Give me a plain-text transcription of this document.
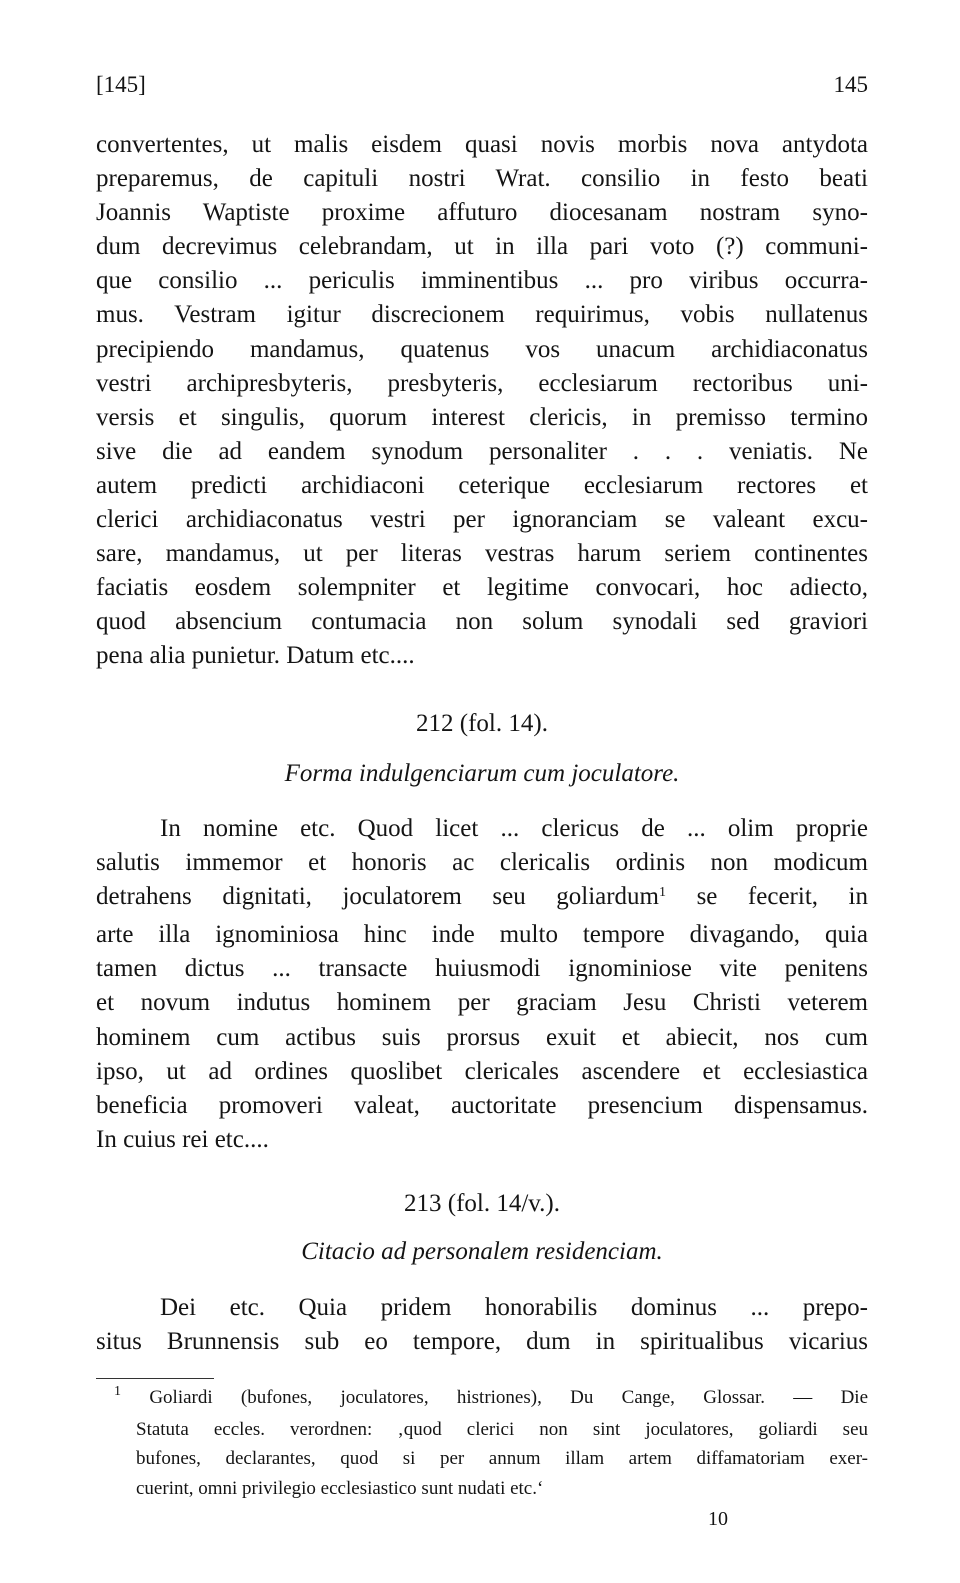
[145]	145
convertentes, ut malis eisdem quasi novis morbis nova antydota
preparemus, de capituli nostri Wrat. consilio in festo beati
Joannis Waptiste proxime affuturo diocesanam nostram syno-
dum decrevimus celebrandam, ut in illa pari voto (?) communi-
que consilio ... periculis imminentibus ... pro viribus occurra-
mus. Vestram igitur discrecionem requirimus, vobis nullatenus
precipiendo mandamus, quatenus vos unacum archidiaconatus
vestri archipresbyteris, presbyteris, ecclesiarum rectoribus uni-
versis et singulis, quorum interest clericis, in premisso termino
sive die ad eandem synodum personaliter . . . veniatis. Ne
autem predicti archidiaconi ceterique ecclesiarum rectores et
clerici archidiaconatus vestri per ignoranciam se valeant excu-
sare, mandamus, ut per literas vestras harum seriem continentes
faciatis eosdem solempniter et legitime convocari, hoc adiecto,
quod absencium contumacia non solum synodali sed graviori
pena alia punietur. Datum etc....
212 (fol. 14).
Forma indulgenciarum cum joculatore.
In nomine etc. Quod licet ... clericus de ... olim proprie
salutis immemor et honoris ac clericalis ordinis non modicum
detrahens dignitati, joculatorem seu goliardum$^1$ se fecerit, in
arte illa ignominiosa hinc inde multo tempore divagando, quia
tamen dictus ... transacte huiusmodi ignominiose vite penitens
et novum indutus hominem per graciam Jesu Christi veterem
hominem cum actibus suis prorsus exuit et abiecit, nos cum
ipso, ut ad ordines quoslibet clericales ascendere et ecclesiastica
beneficia promoveri valeat, auctoritate presencium dispensamus.
In cuius rei etc....
213 (fol. 14/v.).
Citacio ad personalem residenciam.
Dei etc. Quia pridem honorabilis dominus ... prepo-
situs Brunnensis sub eo tempore, dum in spiritualibus vicarius
$^1$ Goliardi (bufones, joculatores, histriones), Du Cange, Glossar. — Die
Statuta eccles. verordnen: ‚quod clerici non sint joculatores, goliardi seu
bufones, declarantes, quod si per annum illam artem diffamatoriam exer-
cuerint, omni privilegio ecclesiastico sunt nudati etc.‘
10
